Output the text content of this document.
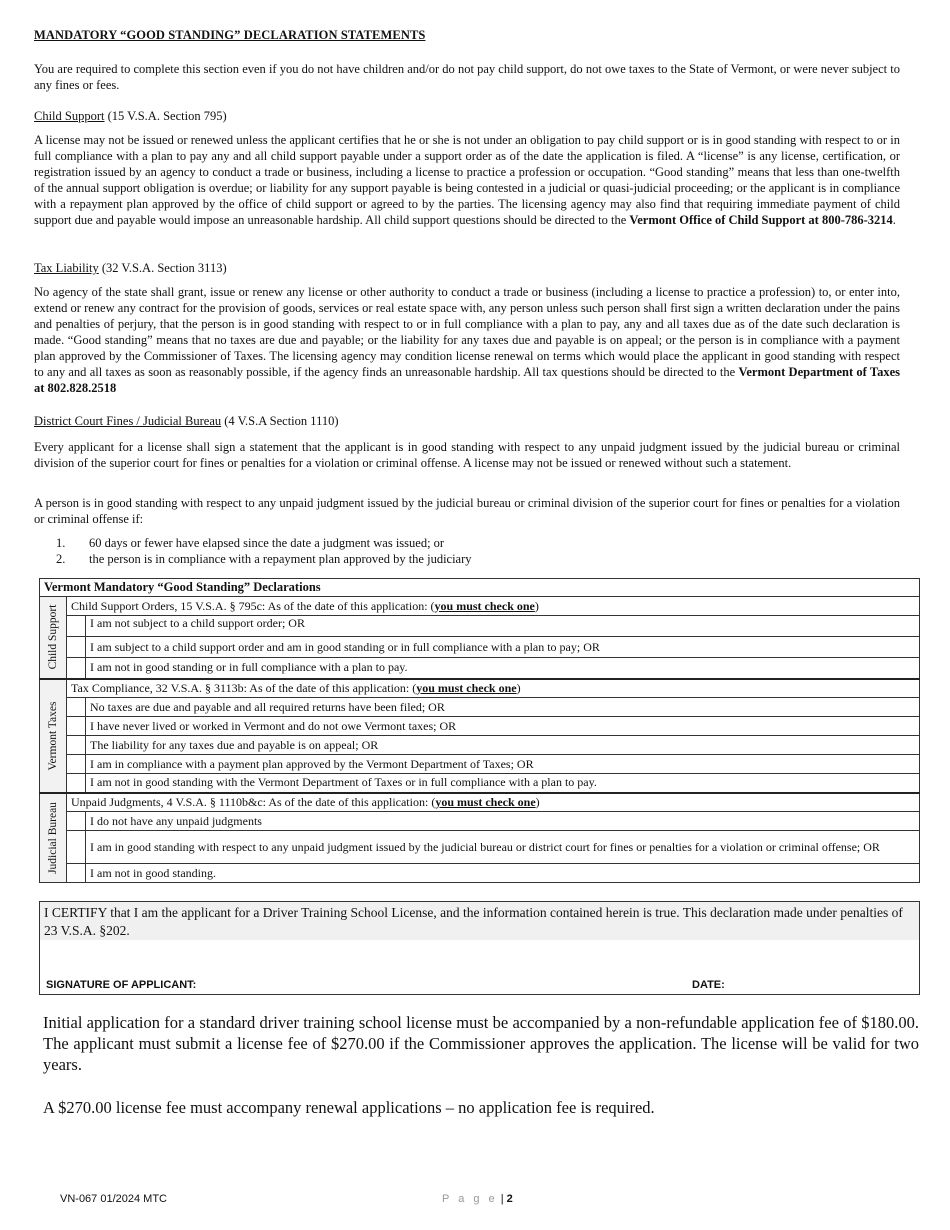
MANDATORY “GOOD STANDING” DECLARATION STATEMENTS
You are required to complete this section even if you do not have children and/or do not pay child support, do not owe taxes to the State of Vermont, or were never subject to any fines or fees.
Child Support (15 V.S.A. Section 795)
A license may not be issued or renewed unless the applicant certifies that he or she is not under an obligation to pay child support or is in good standing with respect to or in full compliance with a plan to pay any and all child support payable under a support order as of the date the application is filed. A “license” is any license, certification, or registration issued by an agency to conduct a trade or business, including a license to practice a profession or occupation. “Good standing” means that less than one-twelfth of the annual support obligation is overdue; or liability for any support payable is being contested in a judicial or quasi-judicial proceeding; or the applicant is in compliance with a repayment plan approved by the office of child support or agreed to by the parties. The licensing agency may also find that requiring immediate payment of child support due and payable would impose an unreasonable hardship. All child support questions should be directed to the Vermont Office of Child Support at 800-786-3214.
Tax Liability (32 V.S.A. Section 3113)
No agency of the state shall grant, issue or renew any license or other authority to conduct a trade or business (including a license to practice a profession) to, or enter into, extend or renew any contract for the provision of goods, services or real estate space with, any person unless such person shall first sign a written declaration under the pains and penalties of perjury, that the person is in good standing with respect to or in full compliance with a plan to pay, any and all taxes due as of the date such declaration is made. “Good standing” means that no taxes are due and payable; or the liability for any taxes due and payable is on appeal; or the person is in compliance with a payment plan approved by the Commissioner of Taxes. The licensing agency may condition license renewal on terms which would place the applicant in good standing with respect to any and all taxes as soon as reasonably possible, if the agency finds an unreasonable hardship. All tax questions should be directed to the Vermont Department of Taxes at 802.828.2518
District Court Fines / Judicial Bureau (4 V.S.A Section 1110)
Every applicant for a license shall sign a statement that the applicant is in good standing with respect to any unpaid judgment issued by the judicial bureau or criminal division of the superior court for fines or penalties for a violation or criminal offense. A license may not be issued or renewed without such a statement.
A person is in good standing with respect to any unpaid judgment issued by the judicial bureau or criminal division of the superior court for fines or penalties for a violation or criminal offense if:
1. 60 days or fewer have elapsed since the date a judgment was issued; or
2. the person is in compliance with a repayment plan approved by the judiciary
Vermont Mandatory “Good Standing” Declarations		

Child Support	Child Support Orders, 15 V.S.A. § 795c: As of the date of this application: (you must check one)	
		I am not subject to a child support order; OR
		I am subject to a child support order and am in good standing or in full compliance with a plan to pay; OR
		I am not in good standing or in full compliance with a plan to pay.

Vermont Taxes	Tax Compliance, 32 V.S.A. § 3113b: As of the date of this application: (you must check one)	
		No taxes are due and payable and all required returns have been filed; OR
		I have never lived or worked in Vermont and do not owe Vermont taxes; OR
		The liability for any taxes due and payable is on appeal; OR
		I am in compliance with a payment plan approved by the Vermont Department of Taxes; OR
		I am not in good standing with the Vermont Department of Taxes or in full compliance with a plan to pay.

Judicial Bureau	Unpaid Judgments, 4 V.S.A. § 1110b&c: As of the date of this application: (you must check one)	
		I do not have any unpaid judgments
		I am in good standing with respect to any unpaid judgment issued by the judicial bureau or district court for fines or penalties for a violation or criminal offense; OR
		I am not in good standing.
I CERTIFY that I am the applicant for a Driver Training School License, and the information contained herein is true. This declaration made under penalties of 23 V.S.A. §202.
SIGNATURE OF APPLICANT:	DATE:
Initial application for a standard driver training school license must be accompanied by a non-refundable application fee of $180.00. The applicant must submit a license fee of $270.00 if the Commissioner approves the application. The license will be valid for two years.
A $270.00 license fee must accompany renewal applications – no application fee is required.
VN-067 01/2024 MTC	P a g e | 2
